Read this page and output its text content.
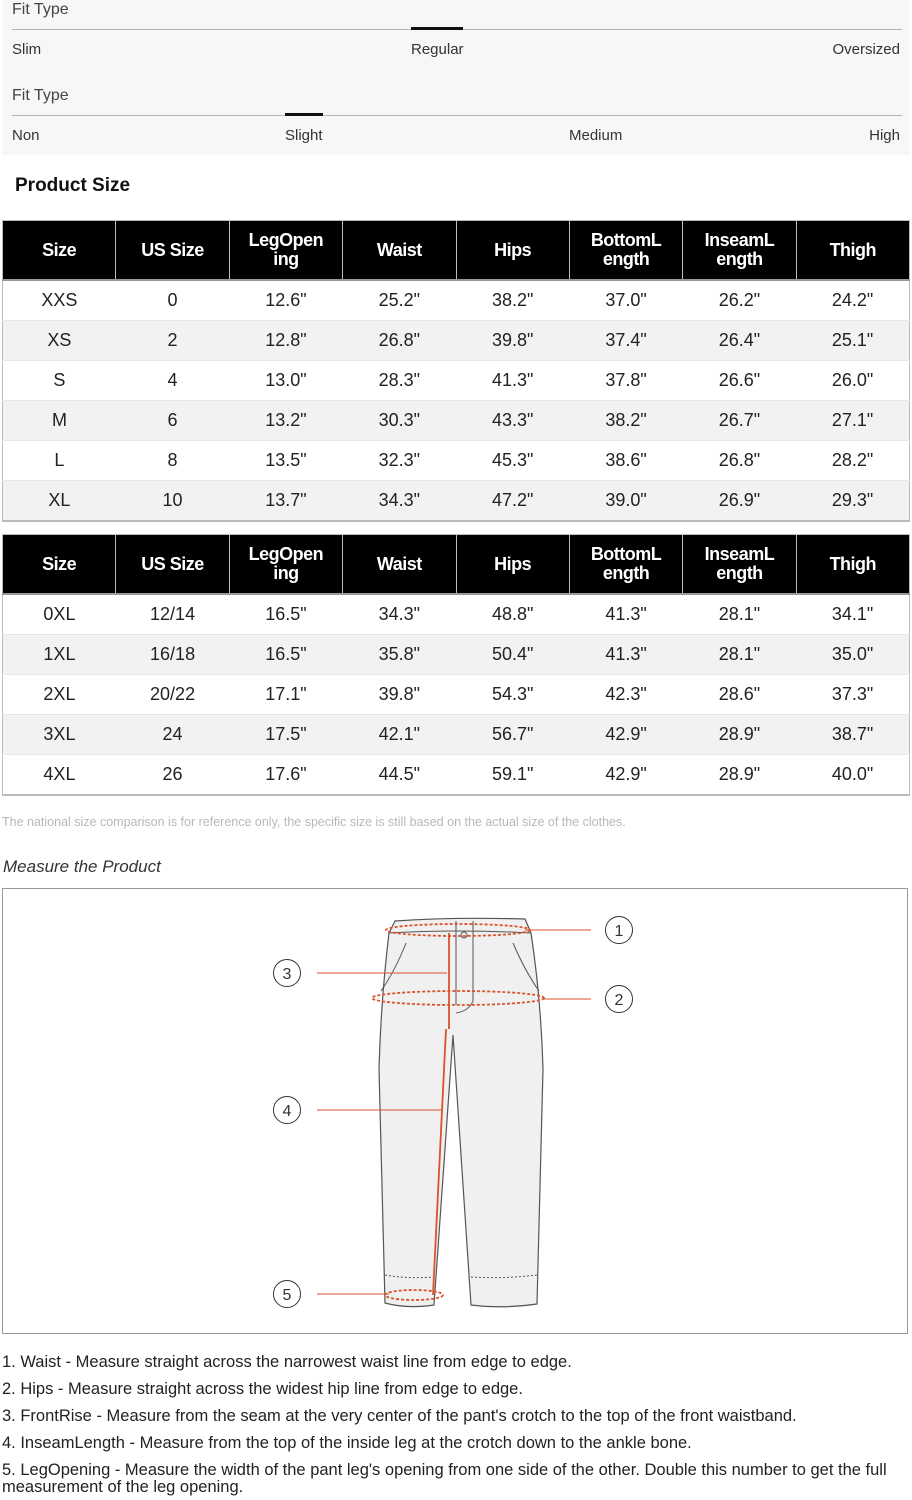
Fit Type
Slim	Regular	Oversized
Fit Type
Non	Slight	Medium	High
Product Size
Size	US Size	LegOpen ing	Waist	Hips	BottomL ength	InseamL ength	Thigh
XXS	0	12.6"	25.2"	38.2"	37.0"	26.2"	24.2"
XS	2	12.8"	26.8"	39.8"	37.4"	26.4"	25.1"
S	4	13.0"	28.3"	41.3"	37.8"	26.6"	26.0"
M	6	13.2"	30.3"	43.3"	38.2"	26.7"	27.1"
L	8	13.5"	32.3"	45.3"	38.6"	26.8"	28.2"
XL	10	13.7"	34.3"	47.2"	39.0"	26.9"	29.3"
Size	US Size	LegOpen ing	Waist	Hips	BottomL ength	InseamL ength	Thigh
0XL	12/14	16.5"	34.3"	48.8"	41.3"	28.1"	34.1"
1XL	16/18	16.5"	35.8"	50.4"	41.3"	28.1"	35.0"
2XL	20/22	17.1"	39.8"	54.3"	42.3"	28.6"	37.3"
3XL	24	17.5"	42.1"	56.7"	42.9"	28.9"	38.7"
4XL	26	17.6"	44.5"	59.1"	42.9"	28.9"	40.0"
The national size comparison is for reference only, the specific size is still based on the actual size of the clothes.
Measure the Product
1
2
3
4
5

1. Waist - Measure straight across the narrowest waist line from edge to edge.

2. Hips - Measure straight across the widest hip line from edge to edge.

3. FrontRise - Measure from the seam at the very center of the pant's crotch to the top of the front waistband.

4. InseamLength - Measure from the top of the inside leg at the crotch down to the ankle bone.

5. LegOpening - Measure the width of the pant leg's opening from one side of the other. Double this number to get the full measurement of the leg opening.
